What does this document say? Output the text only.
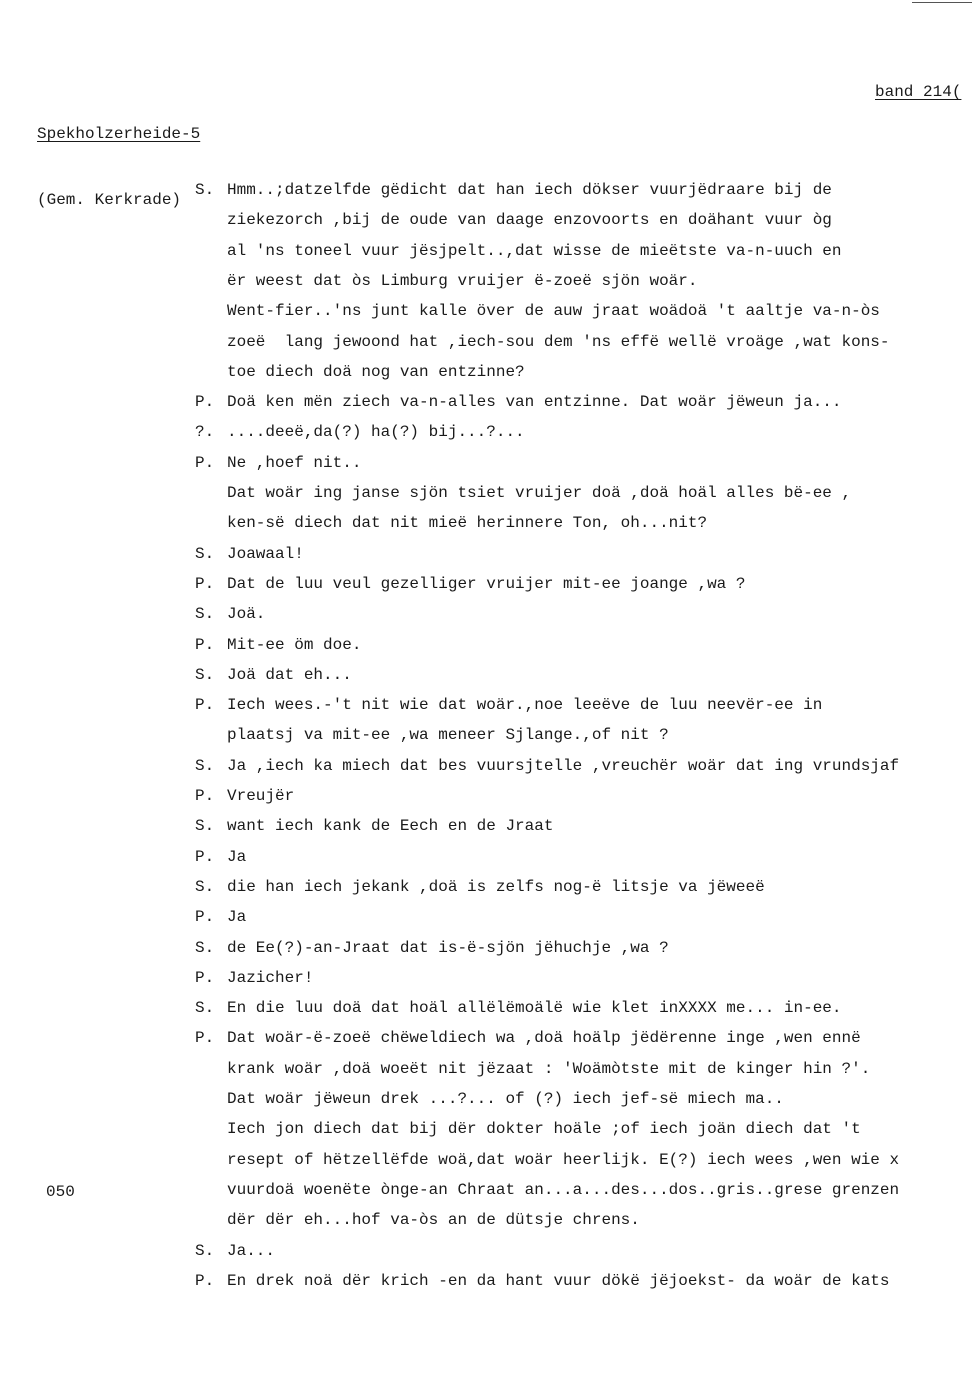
Spekholzerheide-5

(Gem. Kerkrade)

band 214(
050
S. Hmm..;datzelfde gëdicht dat han iech dökser vuurjëdraare bij de
ziekezorch ,bij de oude van daage enzovoorts en doähant vuur òg
al 'ns toneel vuur jësjpelt..,dat wisse de mieëtste va-n-uuch en
ër weest dat òs Limburg vruijer ë-zoeë sjön woär.
Went-fier..'ns junt kalle över de auw jraat woädoä 't aaltje va-n-òs
zoeë  lang jewoond hat ,iech-sou dem 'ns effë wellë vroäge ,wat kons-
toe diech doä nog van entzinne?
P. Doä ken mën ziech va-n-alles van entzinne. Dat woär jëweun ja...
?. ....deeë,da(?) ha(?) bij...?...
P. Ne ,hoef nit..
Dat woär ing janse sjön tsiet vruijer doä ,doä hoäl alles bë-ee ,
ken-së diech dat nit mieë herinnere Ton, oh...nit?
S. Joawaal!
P. Dat de luu veul gezelliger vruijer mit-ee joange ,wa ?
S. Joä.
P. Mit-ee öm doe.
S. Joä dat eh...
P. Iech wees.-'t nit wie dat woär.,noe leeëve de luu neevër-ee in
plaatsj va mit-ee ,wa meneer Sjlange.,of nit ?
S. Ja ,iech ka miech dat bes vuursjtelle ,vreuchër woär dat ing vrundsjaf
P. Vreujër
S. want iech kank de Eech en de Jraat
P. Ja
S. die han iech jekank ,doä is zelfs nog-ë litsje va jëweeë
P. Ja
S. de Ee(?)-an-Jraat dat is-ë-sjön jëhuchje ,wa ?
P. Jazicher!
S. En die luu doä dat hoäl allëlëmoälë wie klet inXXXX me... in-ee.
P. Dat woär-ë-zoeë chëweldiech wa ,doä hoälp jëdërenne inge ,wen ennë
krank woär ,doä woeët nit jëzaat : 'Woämòtste mit de kinger hin ?'.
Dat woär jëweun drek ...?... of (?) iech jef-së miech ma..
Iech jon diech dat bij dër dokter hoäle ;of iech joän diech dat 't
resept of hëtzellëfde woä,dat woär heerlijk. E(?) iech wees ,wen wie x
vuurdoä woenëte ònge-an Chraat an...a...des...dos..gris..grese grenzen
dër dër eh...hof va-òs an de dütsje chrens.
S. Ja...
P. En drek noä dër krich -en da hant vuur dökë jëjoekst- da woär de kats
